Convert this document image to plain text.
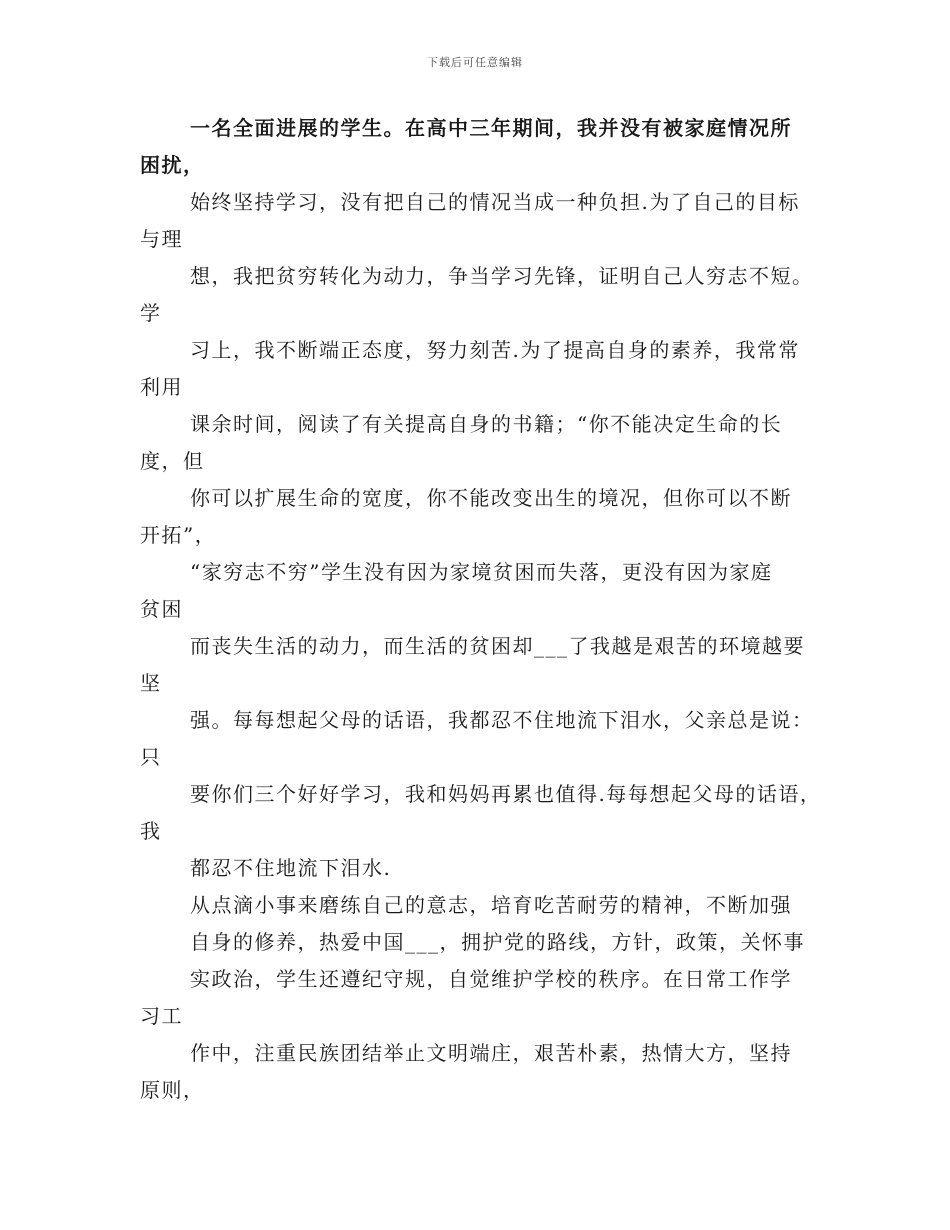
下载后可任意编辑
一名全面进展的学生。在高中三年期间，我并没有被家庭情况所
困扰，
始终坚持学习，没有把自己的情况当成一种负担.为了自己的目标
与理
想，我把贫穷转化为动力，争当学习先锋，证明自己人穷志不短。
学
习上，我不断端正态度，努力刻苦.为了提高自身的素养，我常常
利用
课余时间，阅读了有关提高自身的书籍；“你不能决定生命的长
度，但
你可以扩展生命的宽度，你不能改变出生的境况，但你可以不断
开拓”，
“家穷志不穷”学生没有因为家境贫困而失落，更没有因为家庭
贫困
而丧失生活的动力，而生活的贫困却___了我越是艰苦的环境越要
坚
强。每每想起父母的话语，我都忍不住地流下泪水，父亲总是说：
只
要你们三个好好学习，我和妈妈再累也值得.每每想起父母的话语，
我
都忍不住地流下泪水.
从点滴小事来磨练自己的意志，培育吃苦耐劳的精神，不断加强
自身的修养，热爱中国___，拥护党的路线，方针，政策，关怀事
实政治，学生还遵纪守规，自觉维护学校的秩序。在日常工作学
习工
作中，注重民族团结举止文明端庄，艰苦朴素，热情大方，坚持
原则，
